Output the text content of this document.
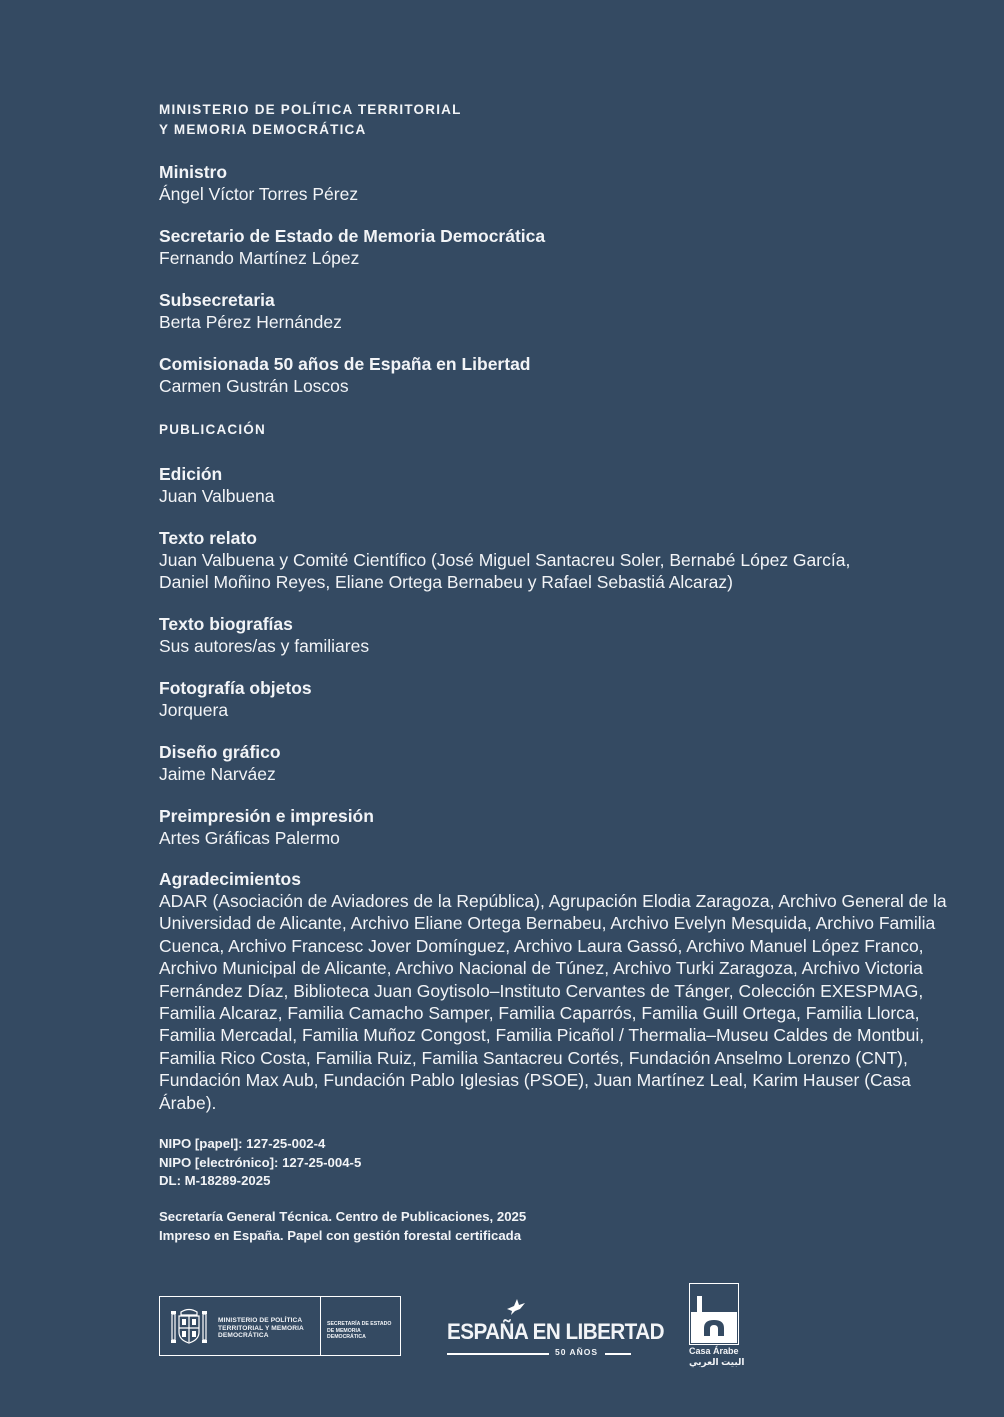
MINISTERIO DE POLÍTICA TERRITORIAL
Y MEMORIA DEMOCRÁTICA
Ministro
Ángel Víctor Torres Pérez
Secretario de Estado de Memoria Democrática
Fernando Martínez López
Subsecretaria
Berta Pérez Hernández
Comisionada 50 años de España en Libertad
Carmen Gustrán Loscos
PUBLICACIÓN
Edición
Juan Valbuena
Texto relato
Juan Valbuena y Comité Científico (José Miguel Santacreu Soler, Bernabé López García, Daniel Moñino Reyes, Eliane Ortega Bernabeu y Rafael Sebastiá Alcaraz)
Texto biografías
Sus autores/as y familiares
Fotografía objetos
Jorquera
Diseño gráfico
Jaime Narváez
Preimpresión e impresión
Artes Gráficas Palermo
Agradecimientos
ADAR (Asociación de Aviadores de la República), Agrupación Elodia Zaragoza, Archivo General de la Universidad de Alicante, Archivo Eliane Ortega Bernabeu, Archivo Evelyn Mesquida, Archivo Familia Cuenca, Archivo Francesc Jover Domínguez, Archivo Laura Gassó, Archivo Manuel López Franco, Archivo Municipal de Alicante, Archivo Nacional de Túnez, Archivo Turki Zaragoza, Archivo Victoria Fernández Díaz, Biblioteca Juan Goytisolo–Instituto Cervantes de Tánger, Colección EXESPMAG, Familia Alcaraz, Familia Camacho Samper, Familia Caparrós, Familia Guill Ortega, Familia Llorca, Familia Mercadal, Familia Muñoz Congost, Familia Picañol / Thermalia–Museu Caldes de Montbui, Familia Rico Costa, Familia Ruiz, Familia Santacreu Cortés, Fundación Anselmo Lorenzo (CNT), Fundación Max Aub, Fundación Pablo Iglesias (PSOE), Juan Martínez Leal, Karim Hauser (Casa Árabe).
NIPO [papel]: 127-25-002-4
NIPO [electrónico]: 127-25-004-5
DL: M-18289-2025
Secretaría General Técnica. Centro de Publicaciones, 2025
Impreso en España. Papel con gestión forestal certificada
MINISTERIO DE POLÍTICA TERRITORIAL Y MEMORIA DEMOCRÁTICA
SECRETARÍA DE ESTADO DE MEMORIA DEMOCRÁTICA	ESPAÑA EN LIBERTAD
50 AÑOS	Casa Árabe
البيت العربي
